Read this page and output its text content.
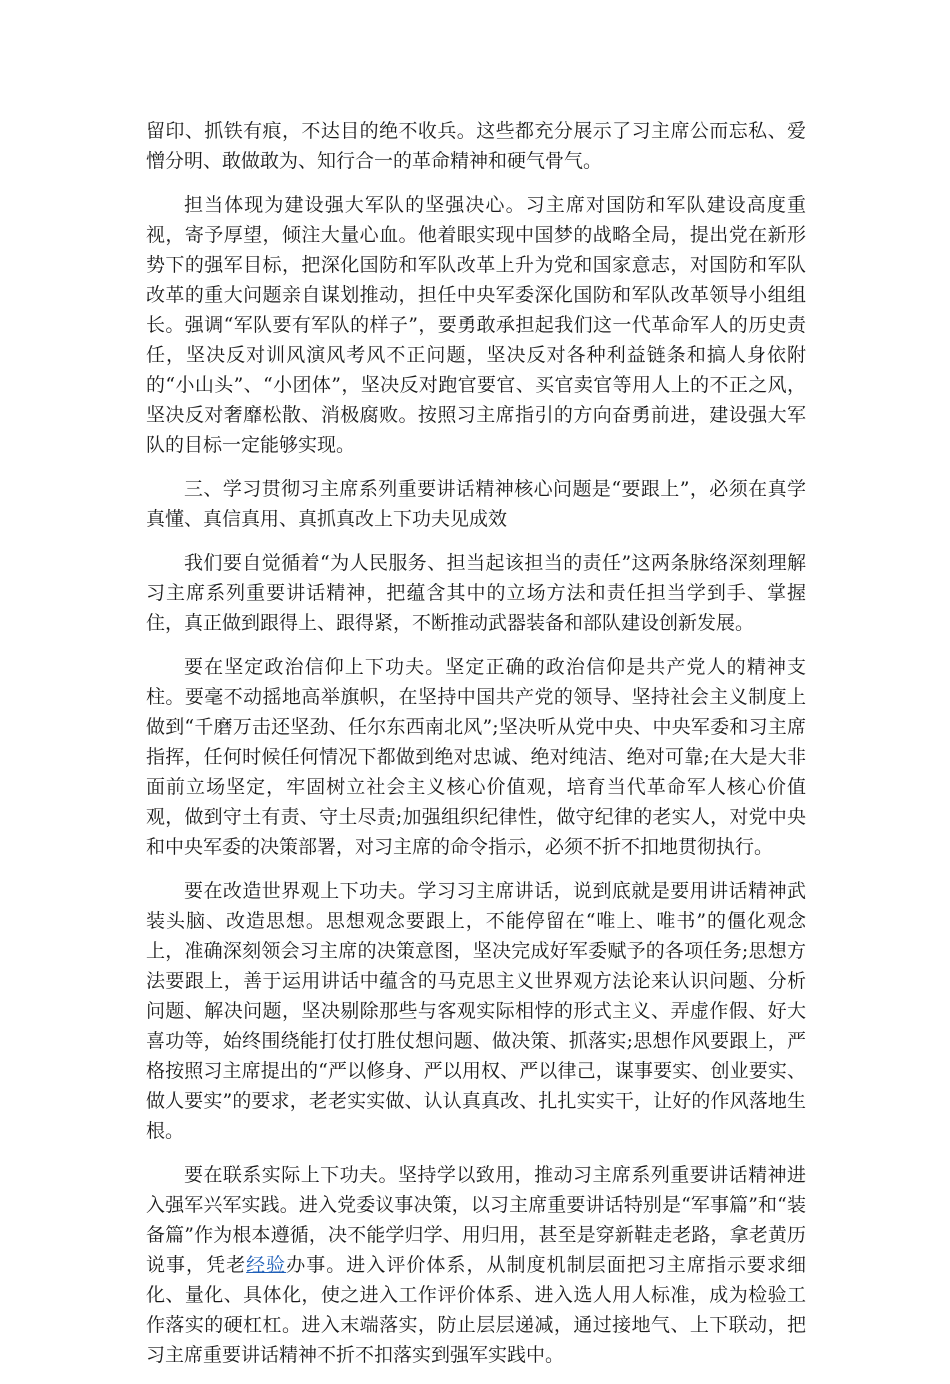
留印、抓铁有痕，不达目的绝不收兵。这些都充分展示了习主席公而忘私、爱憎分明、敢做敢为、知行合一的革命精神和硬气骨气。

担当体现为建设强大军队的坚强决心。习主席对国防和军队建设高度重视，寄予厚望，倾注大量心血。他着眼实现中国梦的战略全局，提出党在新形势下的强军目标，把深化国防和军队改革上升为党和国家意志，对国防和军队改革的重大问题亲自谋划推动，担任中央军委深化国防和军队改革领导小组组长。强调“军队要有军队的样子”，要勇敢承担起我们这一代革命军人的历史责任，坚决反对训风演风考风不正问题，坚决反对各种利益链条和搞人身依附的“小山头”、“小团体”，坚决反对跑官要官、买官卖官等用人上的不正之风，坚决反对奢靡松散、消极腐败。按照习主席指引的方向奋勇前进，建设强大军队的目标一定能够实现。

三、学习贯彻习主席系列重要讲话精神核心问题是“要跟上”，必须在真学真懂、真信真用、真抓真改上下功夫见成效

我们要自觉循着“为人民服务、担当起该担当的责任”这两条脉络深刻理解习主席系列重要讲话精神，把蕴含其中的立场方法和责任担当学到手、掌握住，真正做到跟得上、跟得紧，不断推动武器装备和部队建设创新发展。

要在坚定政治信仰上下功夫。坚定正确的政治信仰是共产党人的精神支柱。要毫不动摇地高举旗帜，在坚持中国共产党的领导、坚持社会主义制度上做到“千磨万击还坚劲、任尔东西南北风”;坚决听从党中央、中央军委和习主席指挥，任何时候任何情况下都做到绝对忠诚、绝对纯洁、绝对可靠;在大是大非面前立场坚定，牢固树立社会主义核心价值观，培育当代革命军人核心价值观，做到守土有责、守土尽责;加强组织纪律性，做守纪律的老实人，对党中央和中央军委的决策部署，对习主席的命令指示，必须不折不扣地贯彻执行。

要在改造世界观上下功夫。学习习主席讲话，说到底就是要用讲话精神武装头脑、改造思想。思想观念要跟上，不能停留在“唯上、唯书”的僵化观念上，准确深刻领会习主席的决策意图，坚决完成好军委赋予的各项任务;思想方法要跟上，善于运用讲话中蕴含的马克思主义世界观方法论来认识问题、分析问题、解决问题，坚决剔除那些与客观实际相悖的形式主义、弄虚作假、好大喜功等，始终围绕能打仗打胜仗想问题、做决策、抓落实;思想作风要跟上，严格按照习主席提出的“严以修身、严以用权、严以律己，谋事要实、创业要实、做人要实”的要求，老老实实做、认认真真改、扎扎实实干，让好的作风落地生根。

要在联系实际上下功夫。坚持学以致用，推动习主席系列重要讲话精神进入强军兴军实践。进入党委议事决策，以习主席重要讲话特别是“军事篇”和“装备篇”作为根本遵循，决不能学归学、用归用，甚至是穿新鞋走老路，拿老黄历说事，凭老经验办事。进入评价体系，从制度机制层面把习主席指示要求细化、量化、具体化，使之进入工作评价体系、进入选人用人标准，成为检验工作落实的硬杠杠。进入末端落实，防止层层递减，通过接地气、上下联动，把习主席重要讲话精神不折不扣落实到强军实践中。
